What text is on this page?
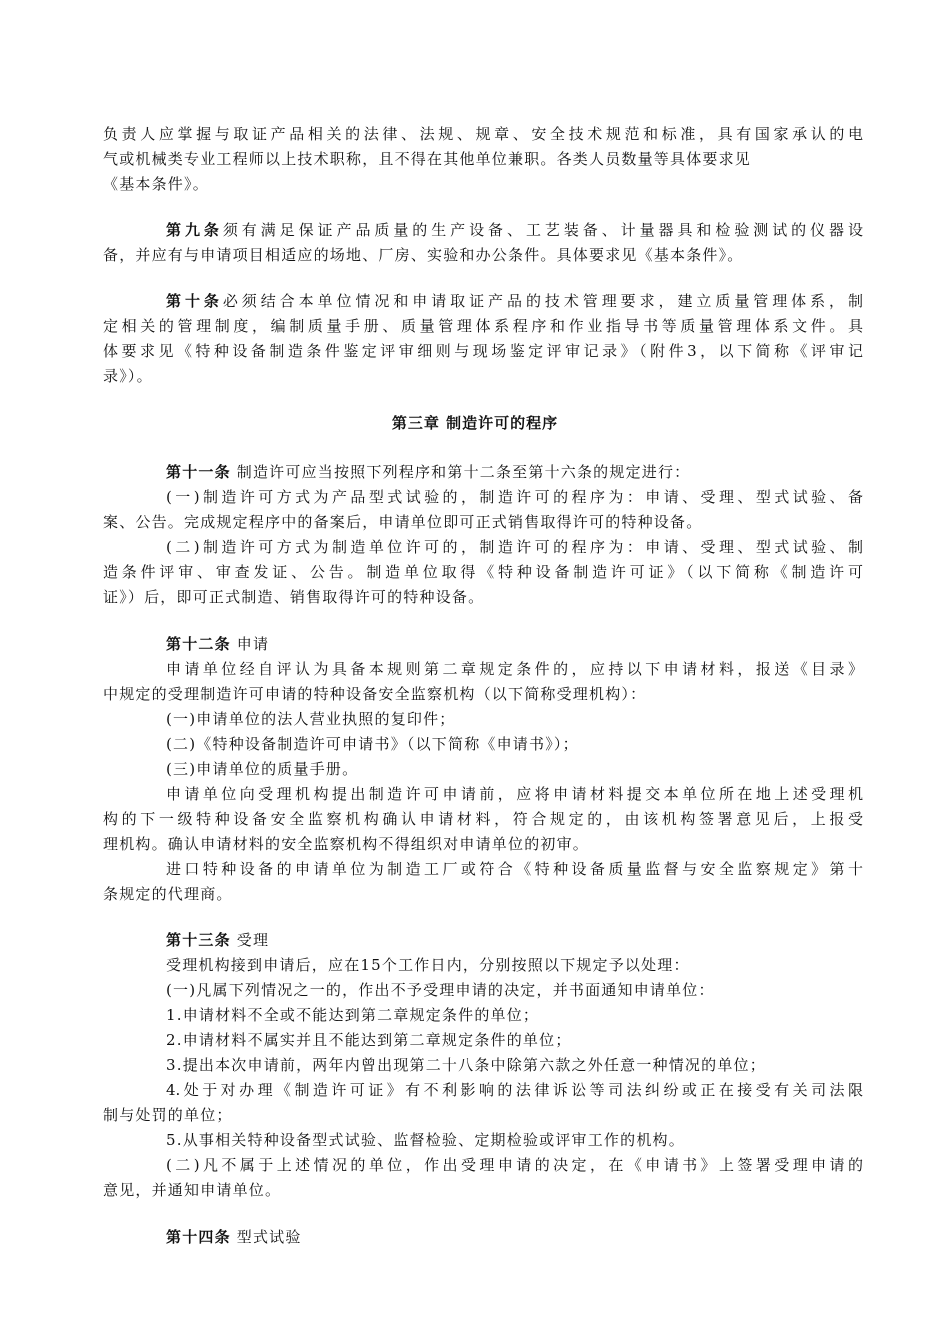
负责人应掌握与取证产品相关的法律、法规、规章、安全技术规范和标准，具有国家承认的电
气或机械类专业工程师以上技术职称，且不得在其他单位兼职。各类人员数量等具体要求见
《基本条件》。
第九条须有满足保证产品质量的生产设备、工艺装备、计量器具和检验测试的仪器设
备，并应有与申请项目相适应的场地、厂房、实验和办公条件。具体要求见《基本条件》。
第十条必须结合本单位情况和申请取证产品的技术管理要求，建立质量管理体系，制
定相关的管理制度，编制质量手册、质量管理体系程序和作业指导书等质量管理体系文件。具
体要求见《特种设备制造条件鉴定评审细则与现场鉴定评审记录》（附件3，以下简称《评审记
录》）。
第三章 制造许可的程序
第十一条 制造许可应当按照下列程序和第十二条至第十六条的规定进行：
(一)制造许可方式为产品型式试验的，制造许可的程序为：申请、受理、型式试验、备
案、公告。完成规定程序中的备案后，申请单位即可正式销售取得许可的特种设备。
(二)制造许可方式为制造单位许可的，制造许可的程序为：申请、受理、型式试验、制
造条件评审、审查发证、公告。制造单位取得《特种设备制造许可证》（以下简称《制造许可
证》）后，即可正式制造、销售取得许可的特种设备。
第十二条 申请
申请单位经自评认为具备本规则第二章规定条件的，应持以下申请材料，报送《目录》
中规定的受理制造许可申请的特种设备安全监察机构（以下简称受理机构）：
(一)申请单位的法人营业执照的复印件；
(二)《特种设备制造许可申请书》（以下简称《申请书》）；
(三)申请单位的质量手册。
申请单位向受理机构提出制造许可申请前，应将申请材料提交本单位所在地上述受理机
构的下一级特种设备安全监察机构确认申请材料，符合规定的，由该机构签署意见后，上报受
理机构。确认申请材料的安全监察机构不得组织对申请单位的初审。
进口特种设备的申请单位为制造工厂或符合《特种设备质量监督与安全监察规定》第十
条规定的代理商。
第十三条 受理
受理机构接到申请后，应在15个工作日内，分别按照以下规定予以处理：
(一)凡属下列情况之一的，作出不予受理申请的决定，并书面通知申请单位：
1.申请材料不全或不能达到第二章规定条件的单位；
2.申请材料不属实并且不能达到第二章规定条件的单位；
3.提出本次申请前，两年内曾出现第二十八条中除第六款之外任意一种情况的单位；
4.处于对办理《制造许可证》有不利影响的法律诉讼等司法纠纷或正在接受有关司法限
制与处罚的单位；
5.从事相关特种设备型式试验、监督检验、定期检验或评审工作的机构。
(二)凡不属于上述情况的单位，作出受理申请的决定，在《申请书》上签署受理申请的
意见，并通知申请单位。
第十四条 型式试验
